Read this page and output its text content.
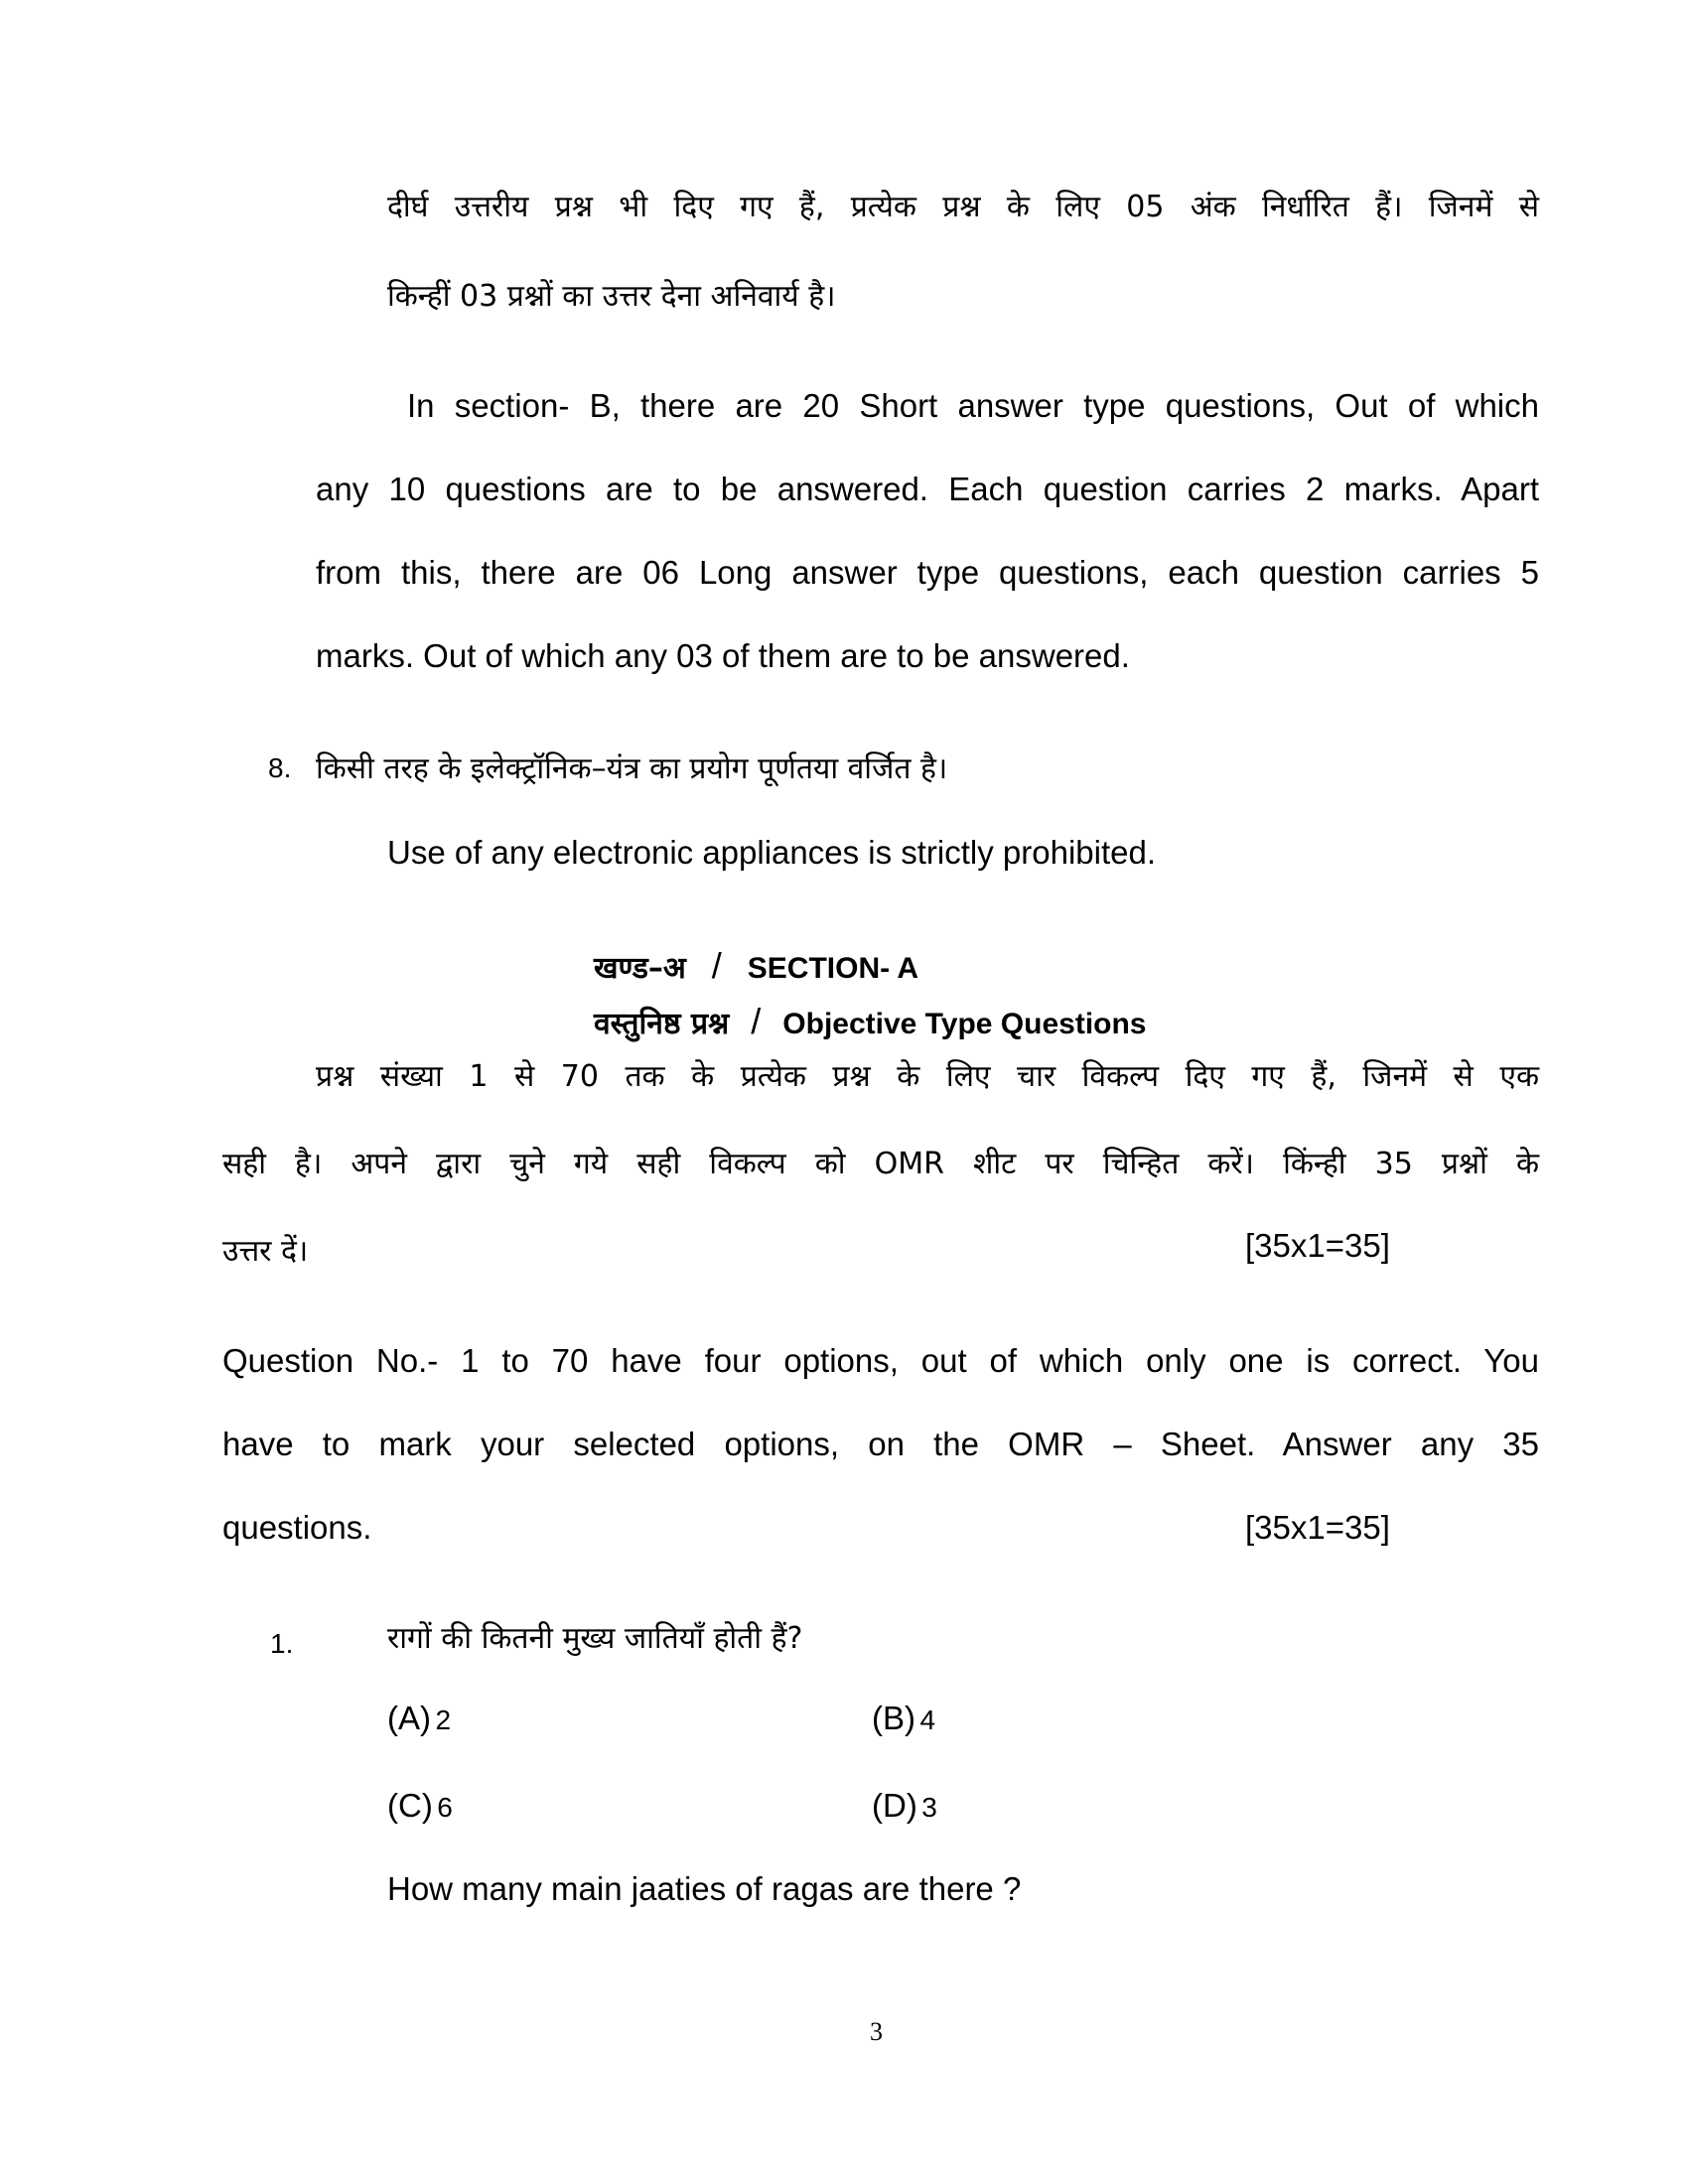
दीर्घ उत्तरीय प्रश्न भी दिए गए हैं, प्रत्येक प्रश्न के लिए 05 अंक निर्धारित हैं। जिनमें से
किन्हीं 03 प्रश्नों का उत्तर देना अनिवार्य है।
In section- B, there are 20 Short answer type questions, Out of which
any 10 questions are to be answered. Each question carries 2 marks. Apart
from this, there are 06 Long answer type questions, each question carries 5
marks. Out of which any 03 of them are to be answered.
8. किसी तरह के इलेक्ट्रॉनिक–यंत्र का प्रयोग पूर्णतया वर्जित है।
Use of any electronic appliances is strictly prohibited.
खण्ड–अ / SECTION- A
वस्तुनिष्ठ प्रश्न / Objective Type Questions
प्रश्न संख्या 1 से 70 तक के प्रत्येक प्रश्न के लिए चार विकल्प दिए गए हैं, जिनमें से एक
सही है। अपने द्वारा चुने गये सही विकल्प को OMR शीट पर चिन्हित करें। किंन्ही 35 प्रश्नों के
उत्तर दें।	[35x1=35]
Question No.- 1 to 70 have four options, out of which only one is correct. You
have to mark your selected options, on the OMR – Sheet. Answer any 35
questions.	[35x1=35]
1.	रागों की कितनी मुख्य जातियाँ होती हैं?
(A) 2	(B) 4
(C) 6	(D) 3
How many main jaaties of ragas are there ?
3
